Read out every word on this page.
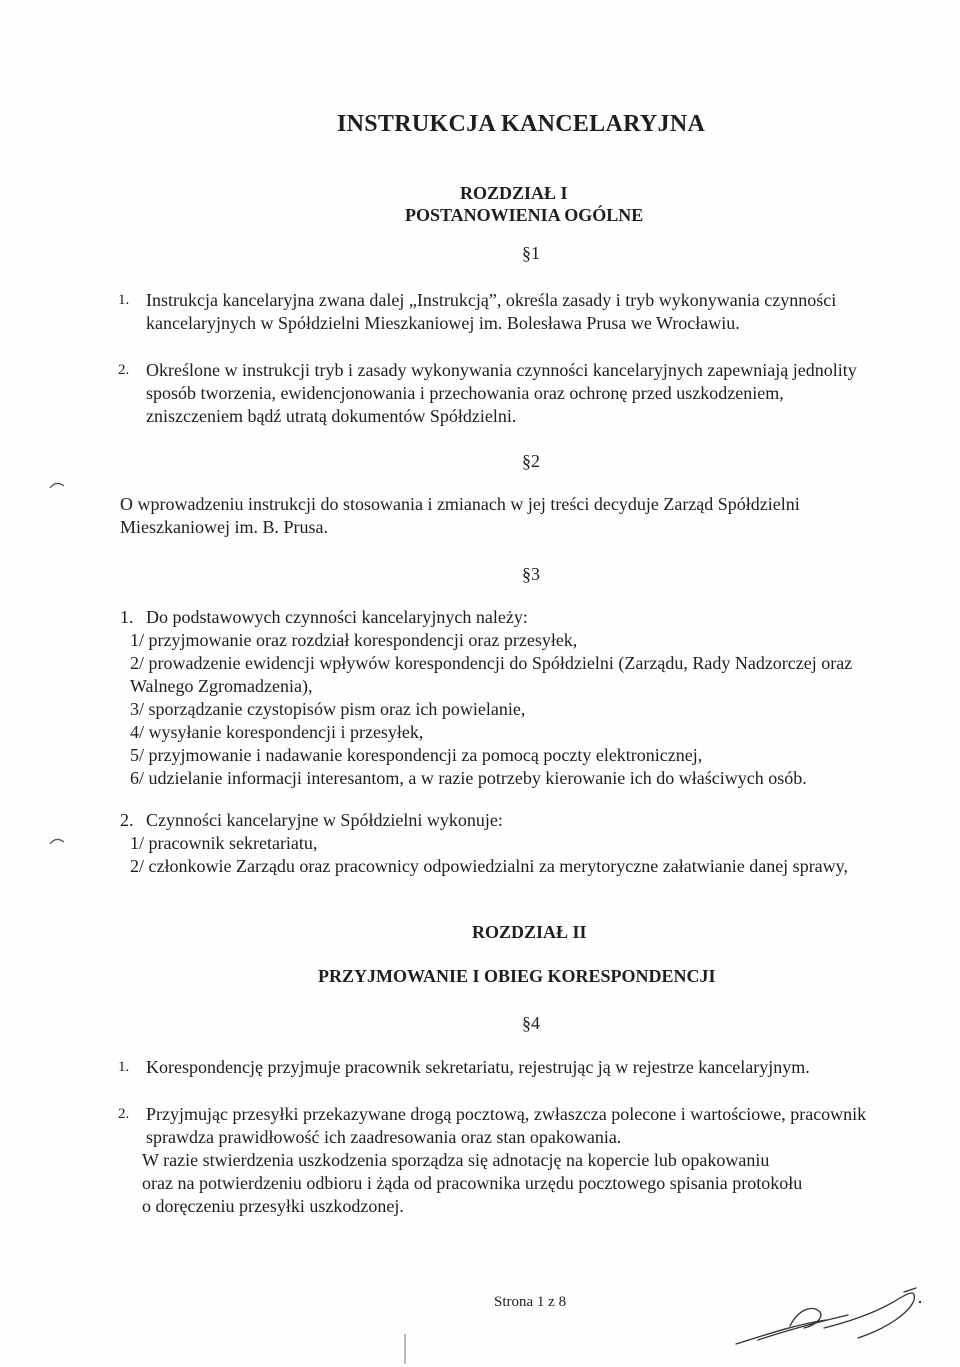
INSTRUKCJA KANCELARYJNA
ROZDZIAŁ I
POSTANOWIENIA OGÓLNE
§1
1. Instrukcja kancelaryjna zwana dalej „Instrukcją”, określa zasady i tryb wykonywania czynności
kancelaryjnych w Spółdzielni Mieszkaniowej im. Bolesława Prusa we Wrocławiu.
2. Określone w instrukcji tryb i zasady wykonywania czynności kancelaryjnych zapewniają jednolity
sposób tworzenia, ewidencjonowania i przechowania oraz ochronę przed uszkodzeniem,
zniszczeniem bądź utratą dokumentów Spółdzielni.
§2
O wprowadzeniu instrukcji do stosowania i zmianach w jej treści decyduje Zarząd Spółdzielni
Mieszkaniowej im. B. Prusa.
§3
1. Do podstawowych czynności kancelaryjnych należy:
1/ przyjmowanie oraz rozdział korespondencji oraz przesyłek,
2/ prowadzenie ewidencji wpływów korespondencji do Spółdzielni (Zarządu, Rady Nadzorczej oraz
Walnego Zgromadzenia),
3/ sporządzanie czystopisów pism oraz ich powielanie,
4/ wysyłanie korespondencji i przesyłek,
5/ przyjmowanie i nadawanie korespondencji za pomocą poczty elektronicznej,
6/ udzielanie informacji interesantom, a w razie potrzeby kierowanie ich do właściwych osób.
2. Czynności kancelaryjne w Spółdzielni wykonuje:
1/ pracownik sekretariatu,
2/ członkowie Zarządu oraz pracownicy odpowiedzialni za merytoryczne załatwianie danej sprawy,
ROZDZIAŁ II
PRZYJMOWANIE I OBIEG KORESPONDENCJI
§4
1. Korespondencję przyjmuje pracownik sekretariatu, rejestrując ją w rejestrze kancelaryjnym.
2. Przyjmując przesyłki przekazywane drogą pocztową, zwłaszcza polecone i wartościowe, pracownik
sprawdza prawidłowość ich zaadresowania oraz stan opakowania.
W razie stwierdzenia uszkodzenia sporządza się adnotację na kopercie lub opakowaniu
oraz na potwierdzeniu odbioru i żąda od pracownika urzędu pocztowego spisania protokołu
o doręczeniu przesyłki uszkodzonej.
Strona 1 z 8
